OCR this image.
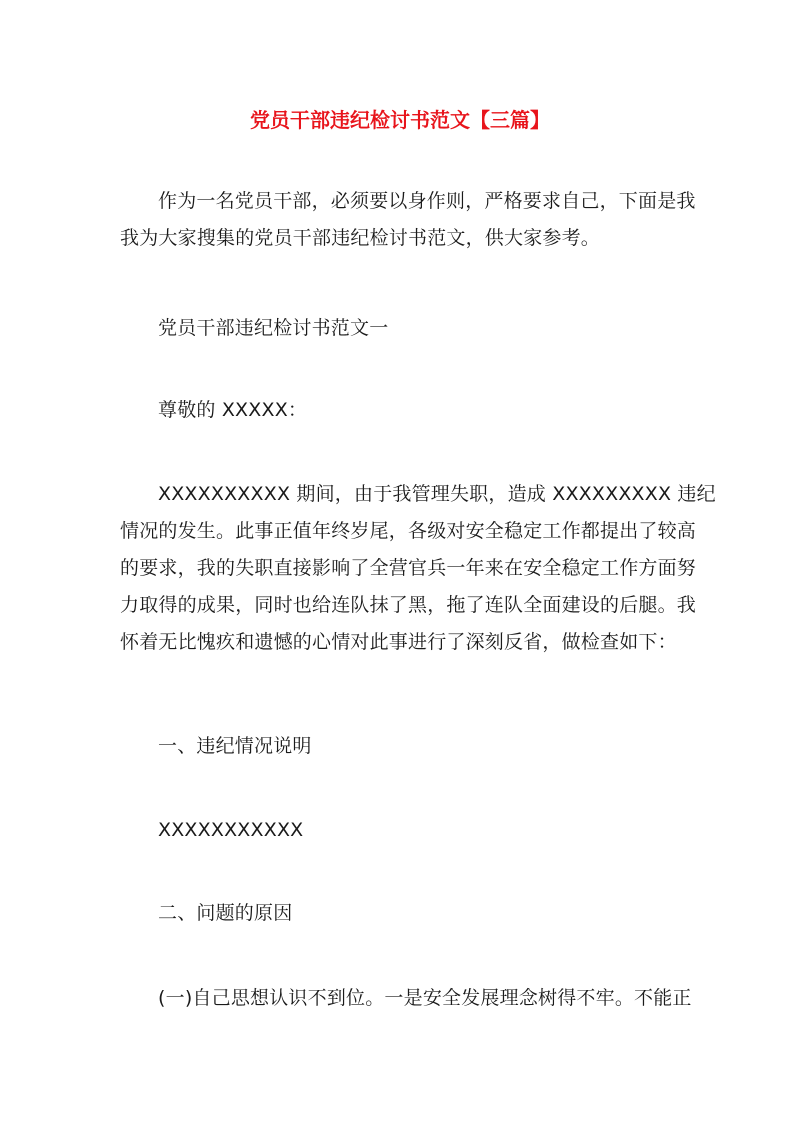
党员干部违纪检讨书范文【三篇】

作为一名党员干部，必须要以身作则，严格要求自己，下面是我
我为大家搜集的党员干部违纪检讨书范文，供大家参考。

党员干部违纪检讨书范文一

尊敬的 XXXXX：

XXXXXXXXXX 期间，由于我管理失职，造成 XXXXXXXXX 违纪
情况的发生。此事正值年终岁尾，各级对安全稳定工作都提出了较高
的要求，我的失职直接影响了全营官兵一年来在安全稳定工作方面努
力取得的成果，同时也给连队抹了黑，拖了连队全面建设的后腿。我
怀着无比愧疚和遗憾的心情对此事进行了深刻反省，做检查如下：

一、违纪情况说明

XXXXXXXXXXX

二、问题的原因

(一)自己思想认识不到位。一是安全发展理念树得不牢。不能正
